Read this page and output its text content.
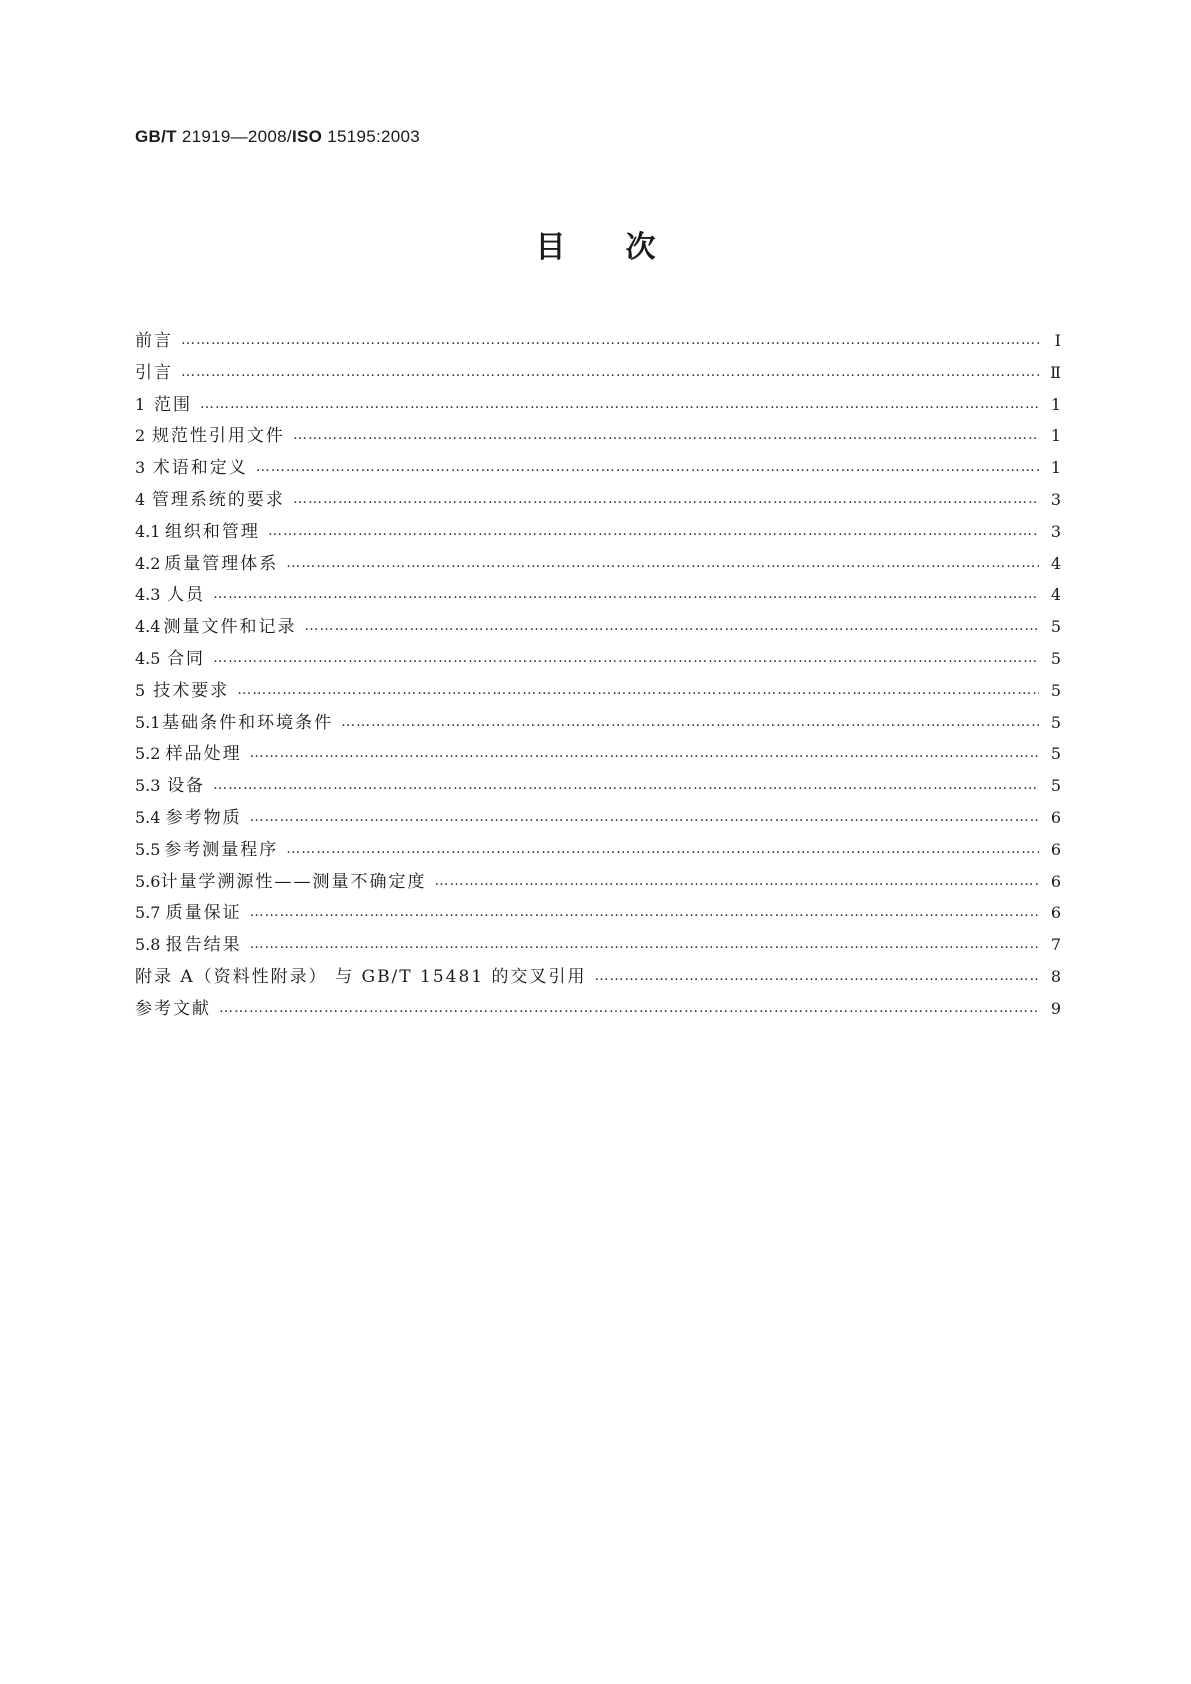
GB/T 21919—2008/ISO 15195:2003
目 次
前言 …………………………………………………………………………………………………………………………………………………………………………………………………………………………………………………	Ⅰ
引言 …………………………………………………………………………………………………………………………………………………………………………………………………………………………………………………	Ⅱ
1 范围 …………………………………………………………………………………………………………………………………………………………………………………………………………………………………………………	1
2 规范性引用文件 …………………………………………………………………………………………………………………………………………………………………………………………………………………………………………………	1
3 术语和定义 …………………………………………………………………………………………………………………………………………………………………………………………………………………………………………………	1
4 管理系统的要求 …………………………………………………………………………………………………………………………………………………………………………………………………………………………………………………	3
4.1 组织和管理 …………………………………………………………………………………………………………………………………………………………………………………………………………………………………………………	3
4.2 质量管理体系 …………………………………………………………………………………………………………………………………………………………………………………………………………………………………………………	4
4.3 人员 …………………………………………………………………………………………………………………………………………………………………………………………………………………………………………………	4
4.4 测量文件和记录 …………………………………………………………………………………………………………………………………………………………………………………………………………………………………………………	5
4.5 合同 …………………………………………………………………………………………………………………………………………………………………………………………………………………………………………………	5
5 技术要求 …………………………………………………………………………………………………………………………………………………………………………………………………………………………………………………	5
5.1 基础条件和环境条件 …………………………………………………………………………………………………………………………………………………………………………………………………………………………………………………	5
5.2 样品处理 …………………………………………………………………………………………………………………………………………………………………………………………………………………………………………………	5
5.3 设备 …………………………………………………………………………………………………………………………………………………………………………………………………………………………………………………	5
5.4 参考物质 …………………………………………………………………………………………………………………………………………………………………………………………………………………………………………………	6
5.5 参考测量程序 …………………………………………………………………………………………………………………………………………………………………………………………………………………………………………………	6
5.6 计量学溯源性——测量不确定度 …………………………………………………………………………………………………………………………………………………………………………………………………………………………………………………	6
5.7 质量保证 …………………………………………………………………………………………………………………………………………………………………………………………………………………………………………………	6
5.8 报告结果 …………………………………………………………………………………………………………………………………………………………………………………………………………………………………………………	7
附录 A（资料性附录） 与 GB/T 15481 的交叉引用 …………………………………………………………………………………………………………………………………………………………………………………………………………………………………………………	8
参考文献 …………………………………………………………………………………………………………………………………………………………………………………………………………………………………………………	9
